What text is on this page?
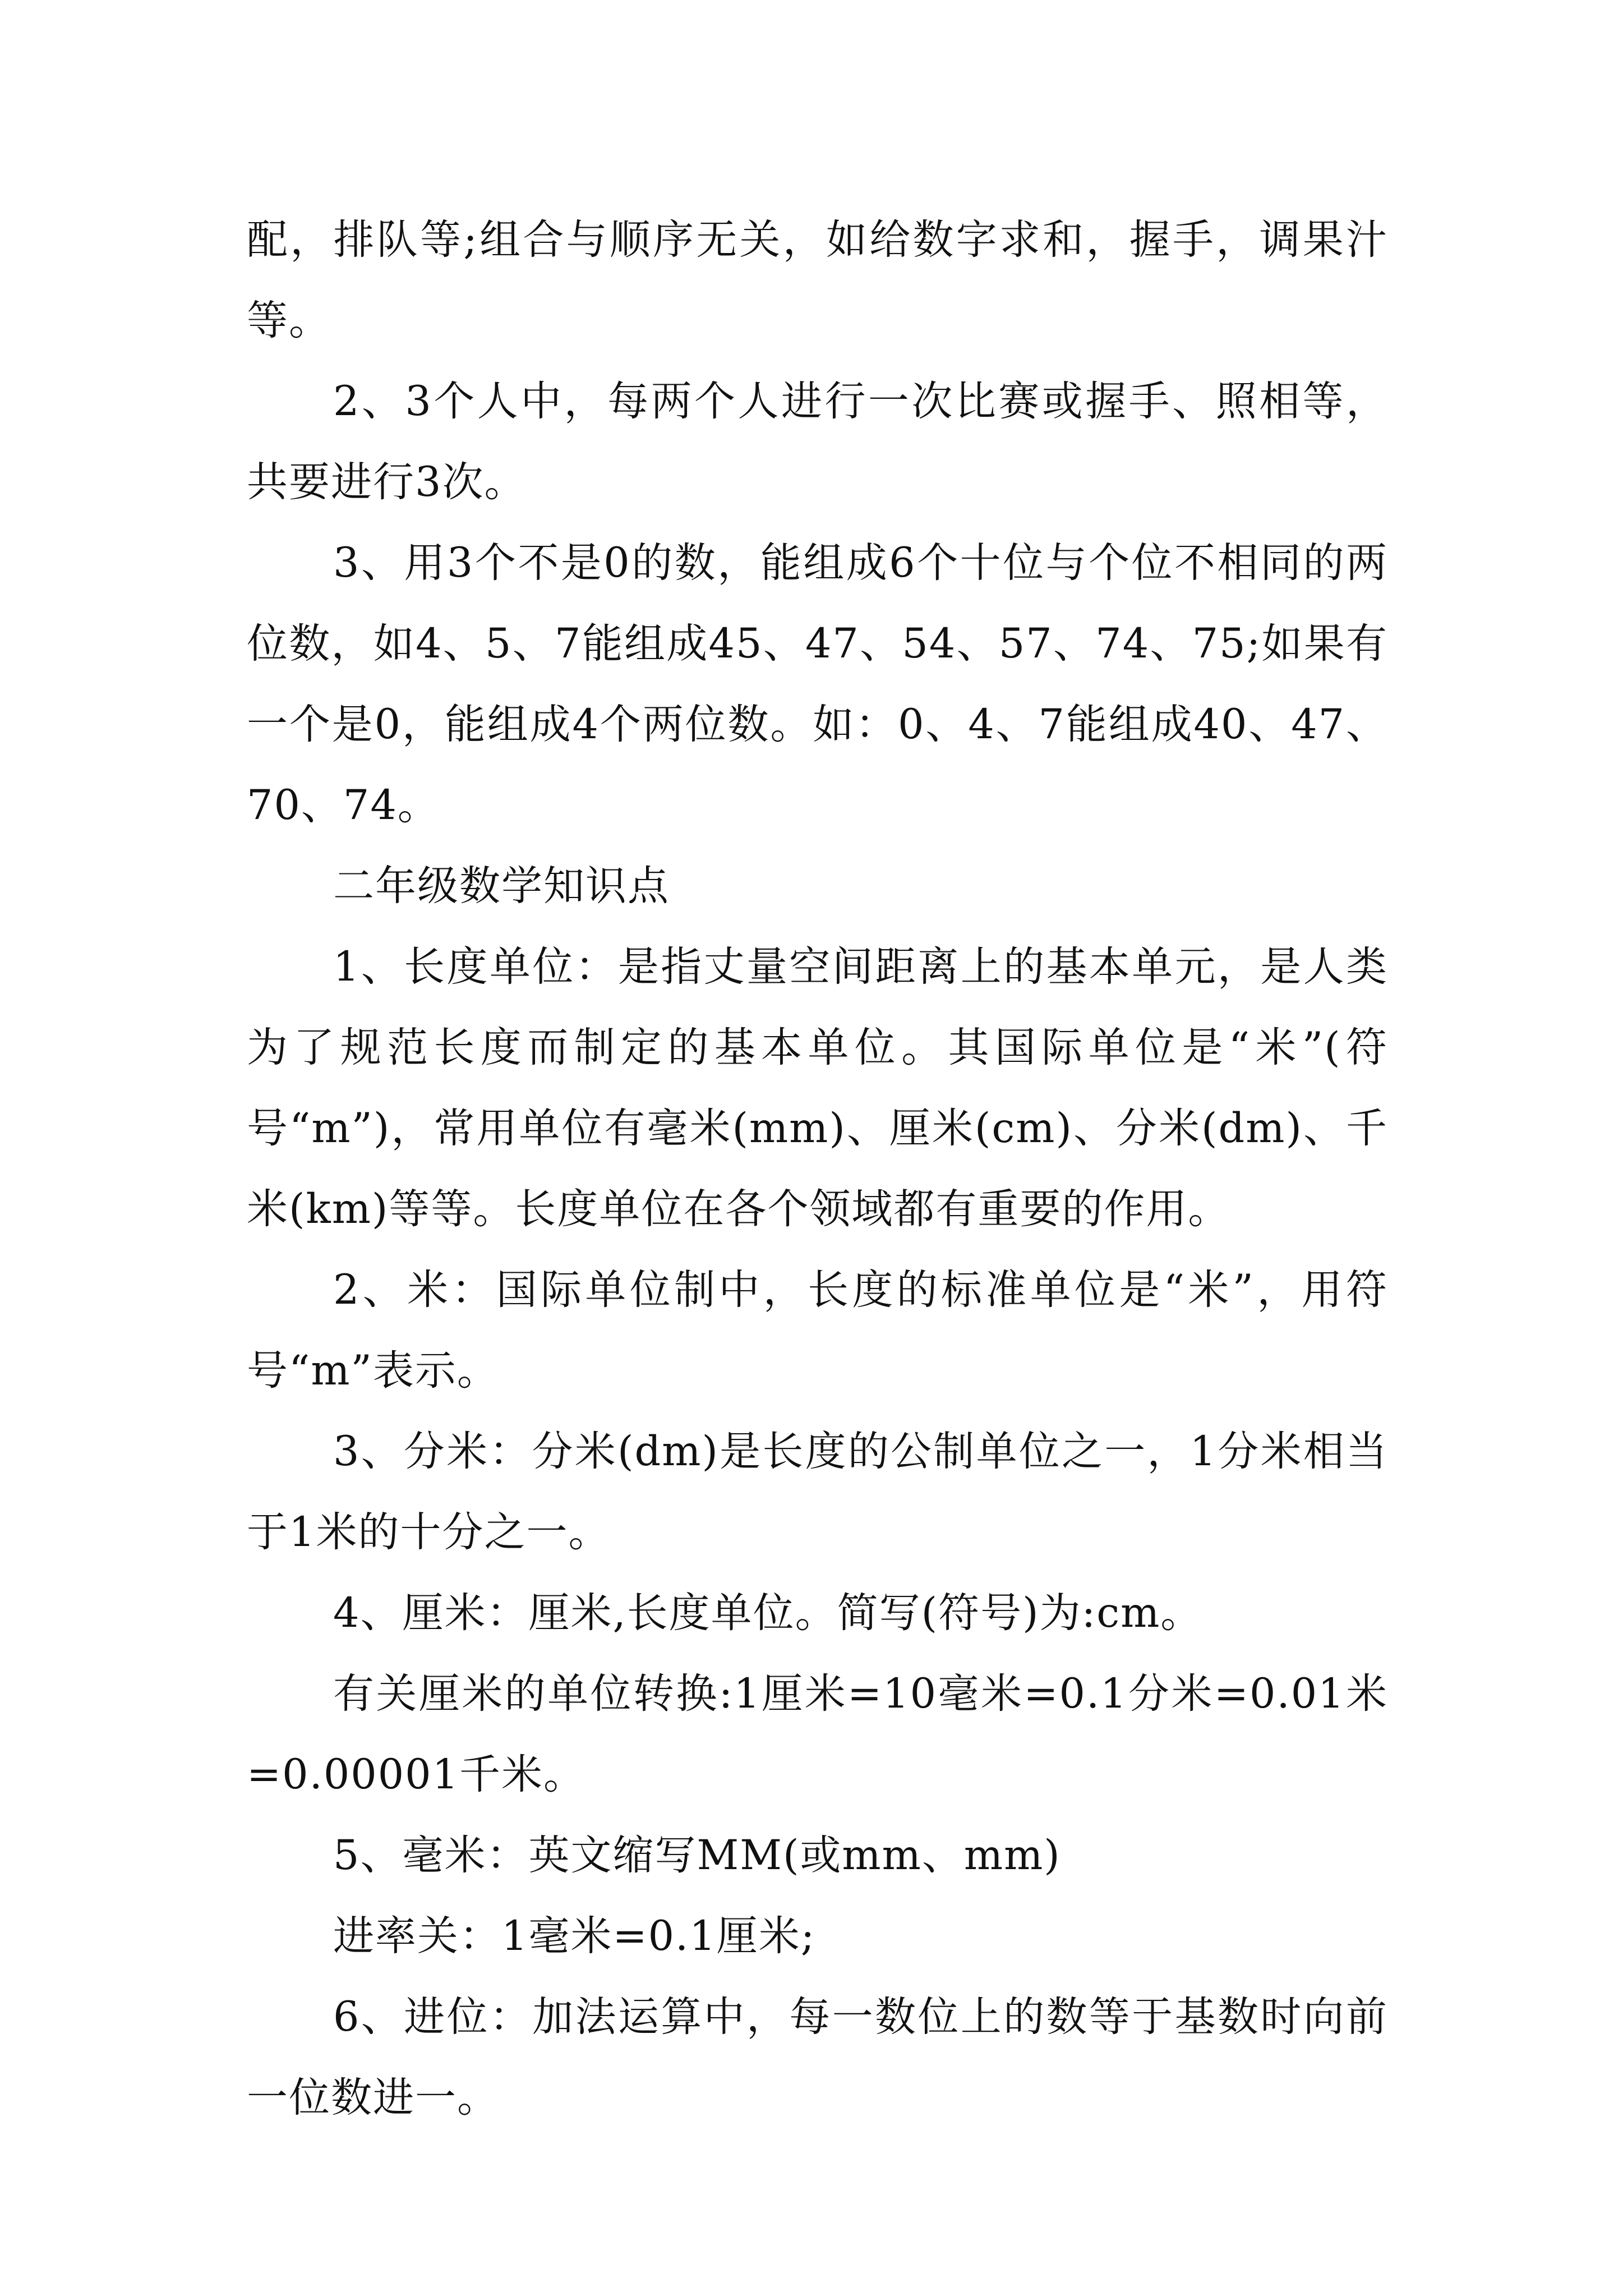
配，排队等;组合与顺序无关，如给数字求和，握手，调果汁等。

2、3个人中，每两个人进行一次比赛或握手、照相等，共要进行3次。

3、用3个不是0的数，能组成6个十位与个位不相同的两位数，如4、5、7能组成45、47、54、57、74、75;如果有一个是0，能组成4个两位数。如：0、4、7能组成40、47、70、74。

二年级数学知识点

1、长度单位：是指丈量空间距离上的基本单元，是人类为了规范长度而制定的基本单位。其国际单位是“米”(符号“m”)，常用单位有毫米(mm)、厘米(cm)、分米(dm)、千米(km)等等。长度单位在各个领域都有重要的作用。

2、米：国际单位制中，长度的标准单位是“米”，用符号“m”表示。

3、分米：分米(dm)是长度的公制单位之一，1分米相当于1米的十分之一。

4、厘米：厘米,长度单位。简写(符号)为:cm。

有关厘米的单位转换:1厘米=10毫米=0.1分米=0.01米=0.00001千米。

5、毫米：英文缩写MM(或mm、mm)

进率关：1毫米=0.1厘米;

6、进位：加法运算中，每一数位上的数等于基数时向前一位数进一。
